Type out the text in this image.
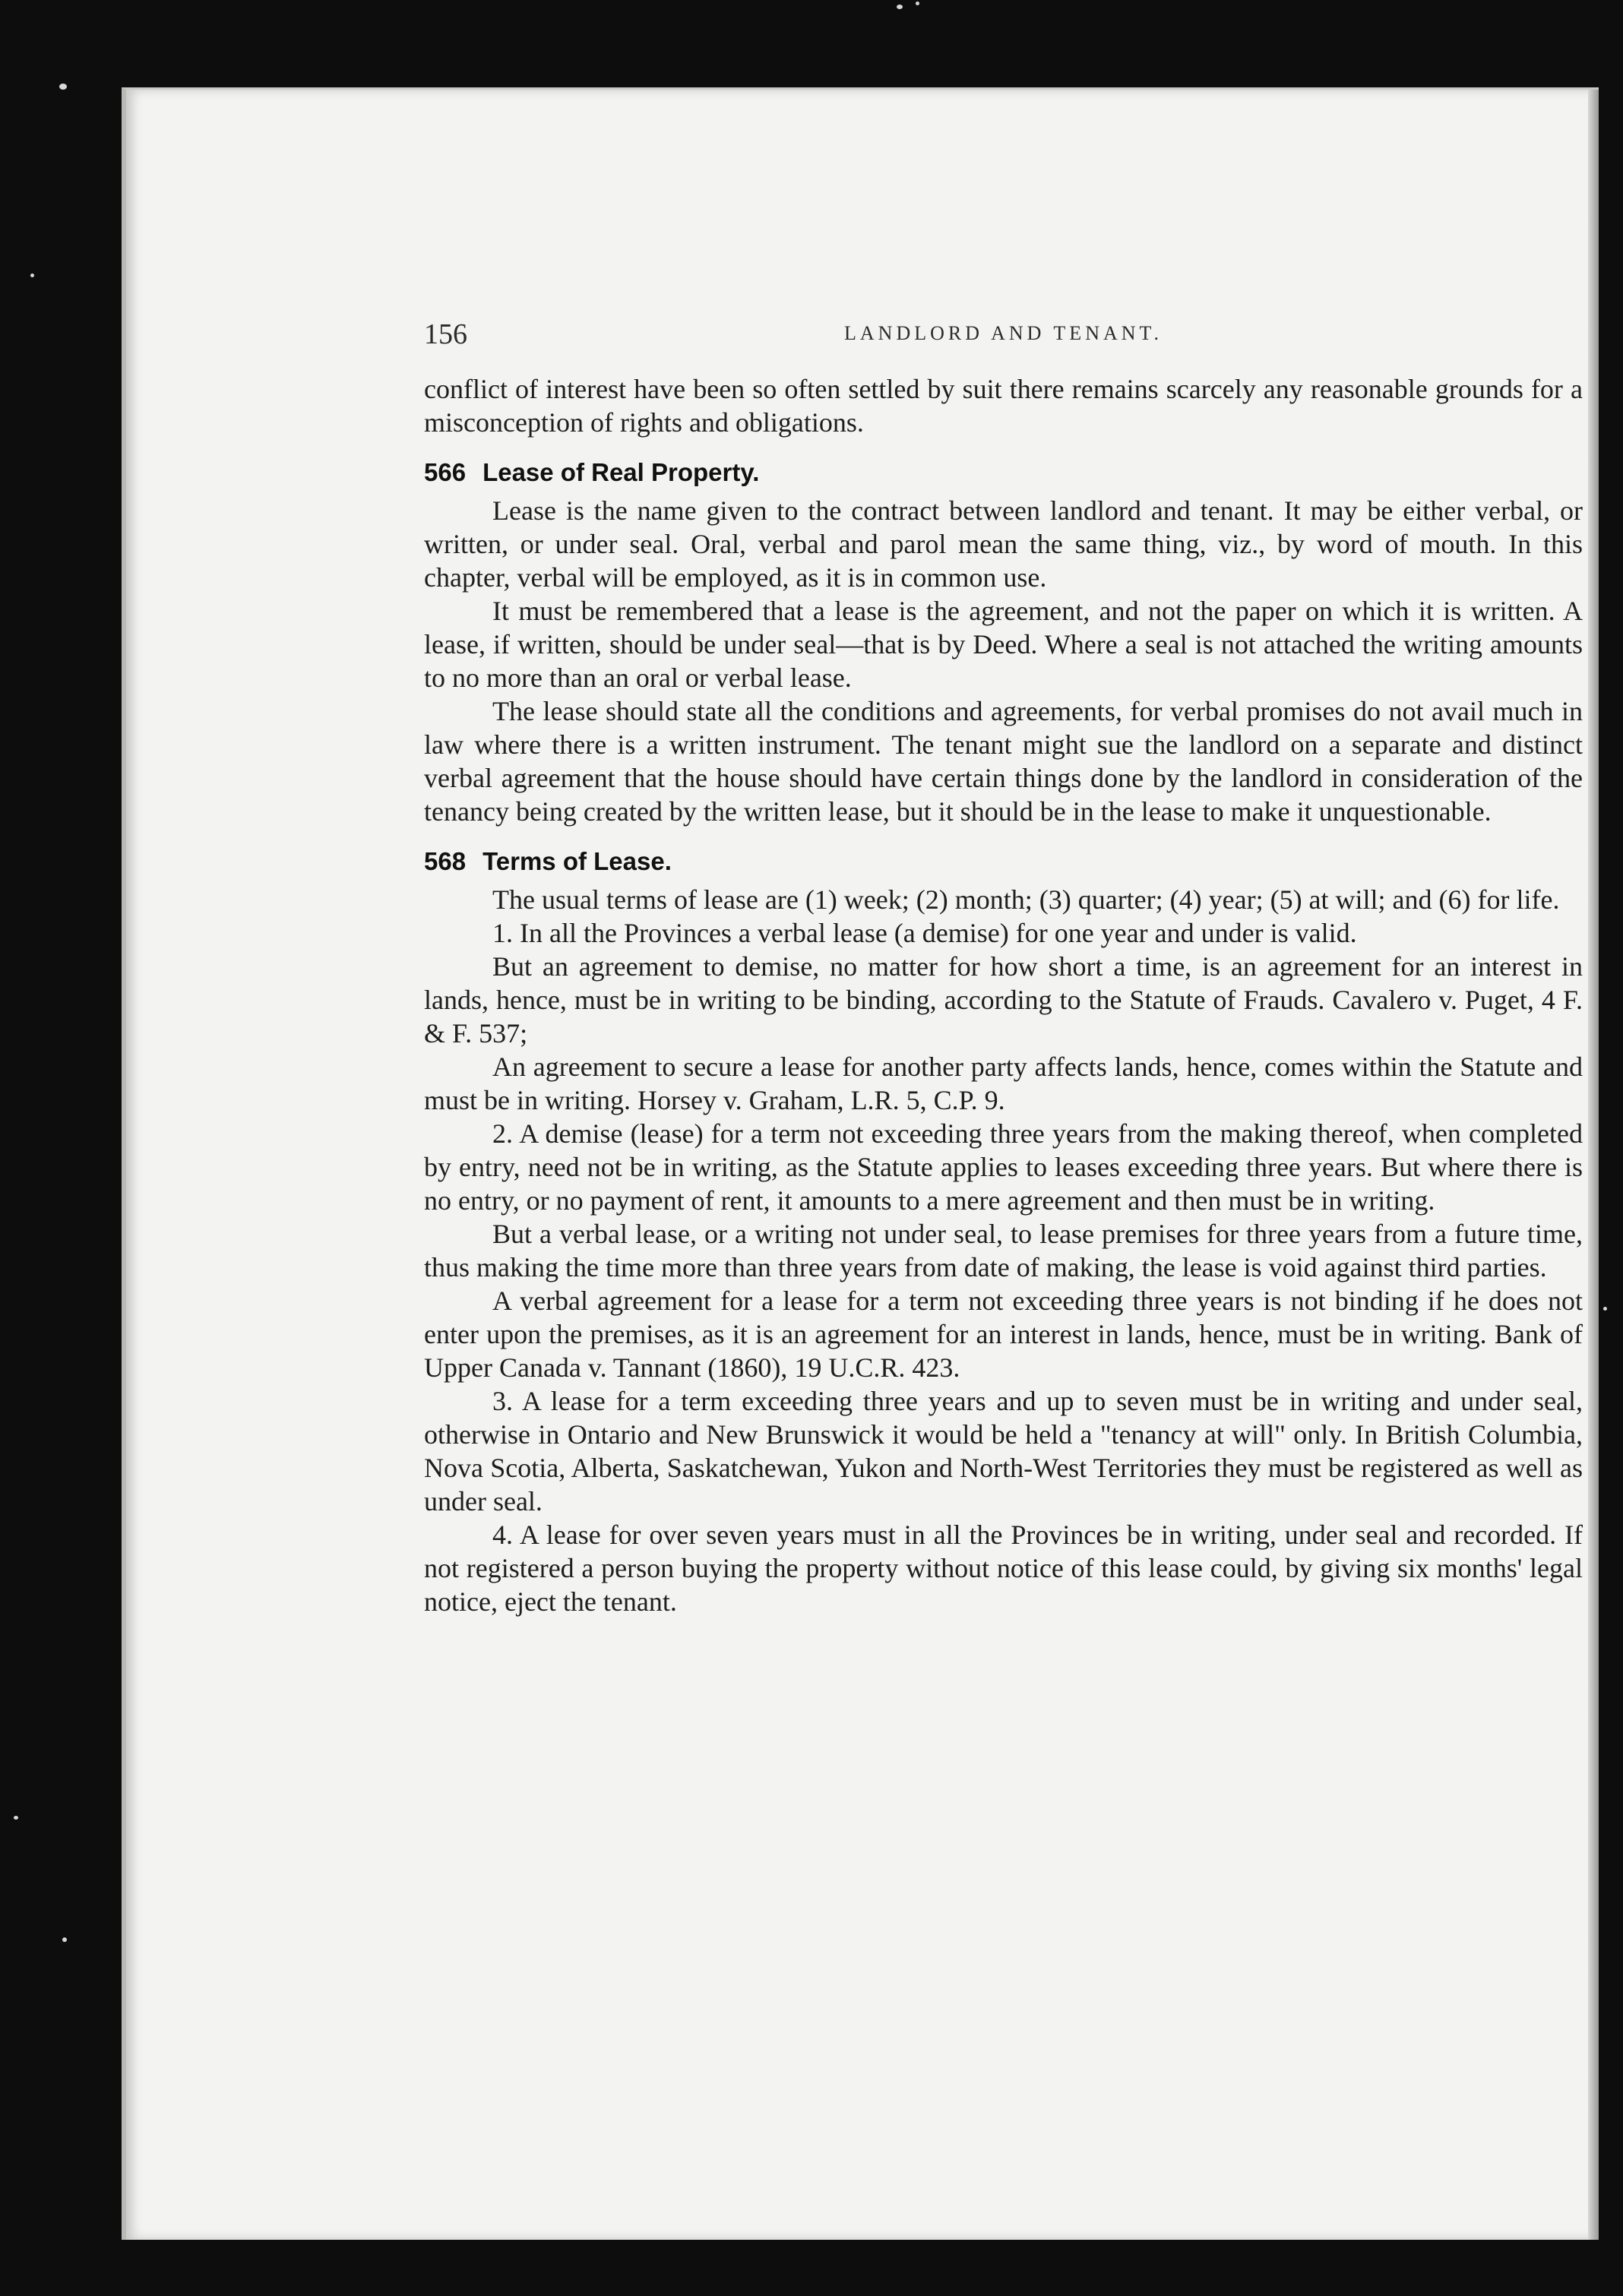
156	LANDLORD AND TENANT.

conflict of interest have been so often settled by suit there remains scarcely any reasonable grounds for a misconception of rights and obligations.

566 Lease of Real Property.

Lease is the name given to the contract between landlord and tenant. It may be either verbal, or written, or under seal. Oral, verbal and parol mean the same thing, viz., by word of mouth. In this chapter, verbal will be employed, as it is in common use.

It must be remembered that a lease is the agreement, and not the paper on which it is written. A lease, if written, should be under seal—that is by Deed. Where a seal is not attached the writing amounts to no more than an oral or verbal lease.

The lease should state all the conditions and agreements, for verbal promises do not avail much in law where there is a written instrument. The tenant might sue the landlord on a separate and distinct verbal agreement that the house should have certain things done by the landlord in consideration of the tenancy being created by the written lease, but it should be in the lease to make it unquestionable.

568 Terms of Lease.

The usual terms of lease are (1) week; (2) month; (3) quarter; (4) year; (5) at will; and (6) for life.

1. In all the Provinces a verbal lease (a demise) for one year and under is valid.

But an agreement to demise, no matter for how short a time, is an agreement for an interest in lands, hence, must be in writing to be binding, according to the Statute of Frauds. Cavalero v. Puget, 4 F. & F. 537;

An agreement to secure a lease for another party affects lands, hence, comes within the Statute and must be in writing. Horsey v. Graham, L.R. 5, C.P. 9.

2. A demise (lease) for a term not exceeding three years from the making thereof, when completed by entry, need not be in writing, as the Statute applies to leases exceeding three years. But where there is no entry, or no payment of rent, it amounts to a mere agreement and then must be in writing.

But a verbal lease, or a writing not under seal, to lease premises for three years from a future time, thus making the time more than three years from date of making, the lease is void against third parties.

A verbal agreement for a lease for a term not exceeding three years is not binding if he does not enter upon the premises, as it is an agreement for an interest in lands, hence, must be in writing. Bank of Upper Canada v. Tannant (1860), 19 U.C.R. 423.

3. A lease for a term exceeding three years and up to seven must be in writing and under seal, otherwise in Ontario and New Brunswick it would be held a "tenancy at will" only. In British Columbia, Nova Scotia, Alberta, Saskatchewan, Yukon and North-West Territories they must be registered as well as under seal.

4. A lease for over seven years must in all the Provinces be in writing, under seal and recorded. If not registered a person buying the property without notice of this lease could, by giving six months' legal notice, eject the tenant.
